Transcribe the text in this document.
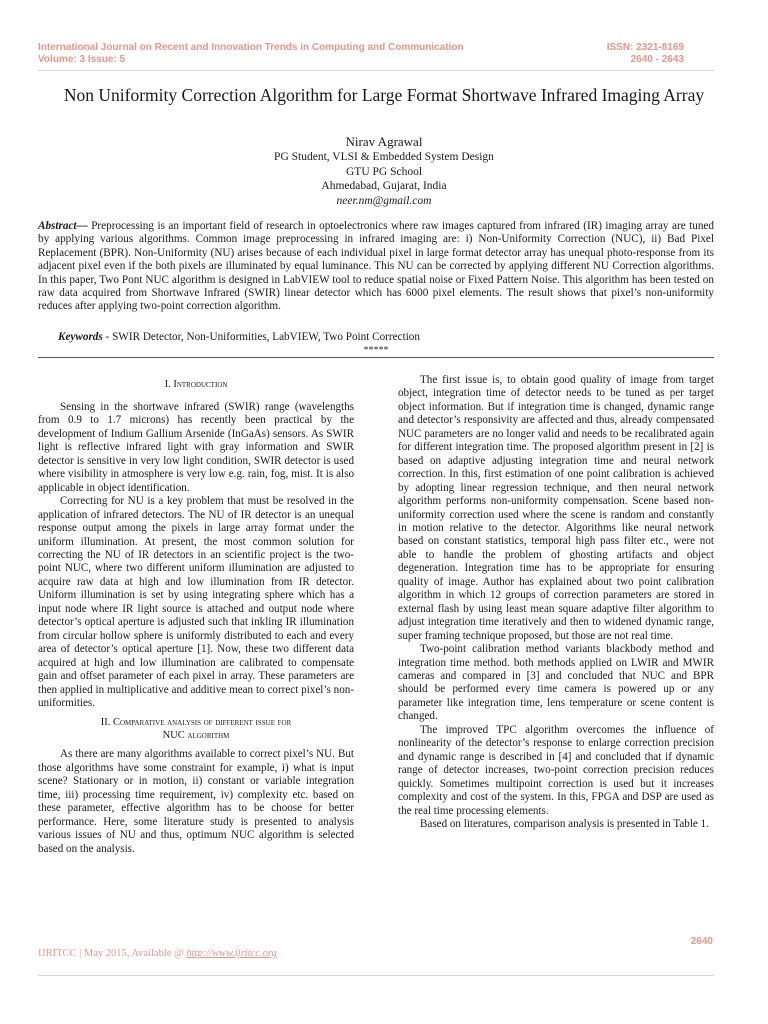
International Journal on Recent and Innovation Trends in Computing and Communication
Volume: 3 Issue: 5
ISSN: 2321-8169
2640 - 2643
Non Uniformity Correction Algorithm for Large Format Shortwave Infrared Imaging Array
Nirav Agrawal
PG Student, VLSI & Embedded System Design
GTU PG School
Ahmedabad, Gujarat, India
neer.nm@gmail.com

Abstract— Preprocessing is an important field of research in optoelectronics where raw images captured from infrared (IR) imaging array are tuned by applying various algorithms. Common image preprocessing in infrared imaging are: i) Non-Uniformity Correction (NUC), ii) Bad Pixel Replacement (BPR). Non-Uniformity (NU) arises because of each individual pixel in large format detector array has unequal photo-response from its adjacent pixel even if the both pixels are illuminated by equal luminance. This NU can be corrected by applying different NU Correction algorithms. In this paper, Two Pont NUC algorithm is designed in LabVIEW tool to reduce spatial noise or Fixed Pattern Noise. This algorithm has been tested on raw data acquired from Shortwave Infrared (SWIR) linear detector which has 6000 pixel elements. The result shows that pixel’s non-uniformity reduces after applying two-point correction algorithm.

Keywords - SWIR Detector, Non-Uniformities, LabVIEW, Two Point Correction

*****
I. Introduction

Sensing in the shortwave infrared (SWIR) range (wavelengths from 0.9 to 1.7 microns) has recently been practical by the development of Indium Gallium Arsenide (InGaAs) sensors. As SWIR light is reflective infrared light with gray information and SWIR detector is sensitive in very low light condition, SWIR detector is used where visibility in atmosphere is very low e.g. rain, fog, mist. It is also applicable in object identification.

Correcting for NU is a key problem that must be resolved in the application of infrared detectors. The NU of IR detector is an unequal response output among the pixels in large array format under the uniform illumination. At present, the most common solution for correcting the NU of IR detectors in an scientific project is the two-point NUC, where two different uniform illumination are adjusted to acquire raw data at high and low illumination from IR detector. Uniform illumination is set by using integrating sphere which has a input node where IR light source is attached and output node where detector’s optical aperture is adjusted such that inkling IR illumination from circular hollow sphere is uniformly distributed to each and every area of detector’s optical aperture [1]. Now, these two different data acquired at high and low illumination are calibrated to compensate gain and offset parameter of each pixel in array. These parameters are then applied in multiplicative and additive mean to correct pixel’s non-uniformities.

II. Comparative analysis of different issue for
NUC algorithm

As there are many algorithms available to correct pixel’s NU. But those algorithms have some constraint for example, i) what is input scene? Stationary or in motion, ii) constant or variable integration time, iii) processing time requirement, iv) complexity etc. based on these parameter, effective algorithm has to be choose for better performance. Here, some literature study is presented to analysis various issues of NU and thus, optimum NUC algorithm is selected based on the analysis.

The first issue is, to obtain good quality of image from target object, integration time of detector needs to be tuned as per target object information. But if integration time is changed, dynamic range and detector’s responsivity are affected and thus, already compensated NUC parameters are no longer valid and needs to be recalibrated again for different integration time. The proposed algorithm present in [2] is based on adaptive adjusting integration time and neural network correction. In this, first estimation of one point calibration is achieved by adopting linear regression technique, and then neural network algorithm performs non-uniformity compensation. Scene based non-uniformity correction used where the scene is random and constantly in motion relative to the detector. Algorithms like neural network based on constant statistics, temporal high pass filter etc., were not able to handle the problem of ghosting artifacts and object degeneration. Integration time has to be appropriate for ensuring quality of image. Author has explained about two point calibration algorithm in which 12 groups of correction parameters are stored in external flash by using least mean square adaptive filter algorithm to adjust integration time iteratively and then to widened dynamic range, super framing technique proposed, but those are not real time.

Two-point calibration method variants blackbody method and integration time method. both methods applied on LWIR and MWIR cameras and compared in [3] and concluded that NUC and BPR should be performed every time camera is powered up or any parameter like integration time, lens temperature or scene content is changed.

The improved TPC algorithm overcomes the influence of nonlinearity of the detector’s response to enlarge correction precision and dynamic range is described in [4] and concluded that if dynamic range of detector increases, two-point correction precision reduces quickly. Sometimes multipoint correction is used but it increases complexity and cost of the system. In this, FPGA and DSP are used as the real time processing elements.

Based on literatures, comparison analysis is presented in Table 1.

2640
IJRITCC | May 2015, Available @ http://www.ijritcc.org
